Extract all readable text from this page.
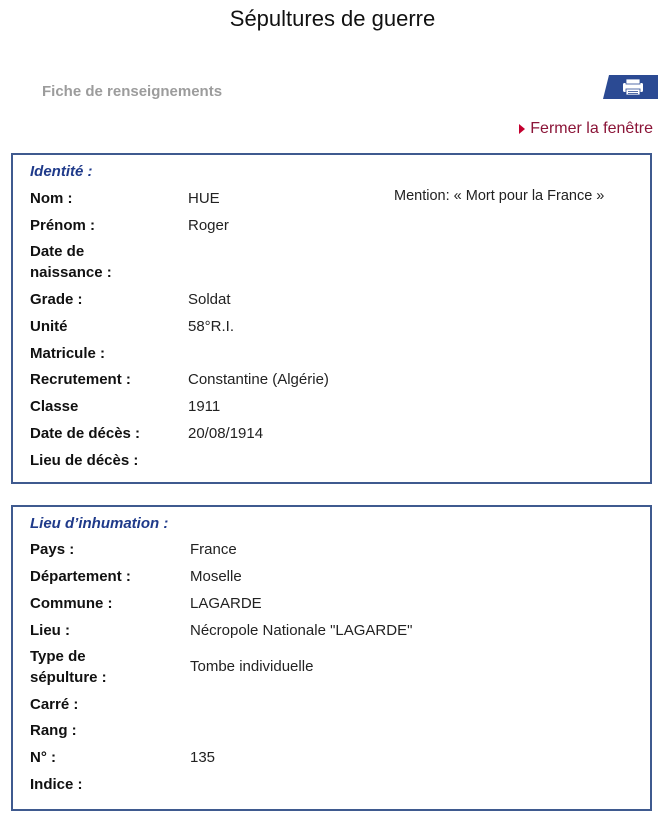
Sépultures de guerre
Fiche de renseignements
Fermer la fenêtre
Identité :
Mention: « Mort pour la France »
Nom :	HUE
Prénom :	Roger
Date de
naissance :
Grade :	Soldat
Unité	58°R.I.
Matricule :
Recrutement :	Constantine (Algérie)
Classe	1911
Date de décès :	20/08/1914
Lieu de décès :
Lieu d’inhumation :
Pays :	France
Département :	Moselle
Commune :	LAGARDE
Lieu :	Nécropole Nationale "LAGARDE"
Type de
sépulture :
Tombe individuelle
Carré :
Rang :
N° :	135
Indice :
